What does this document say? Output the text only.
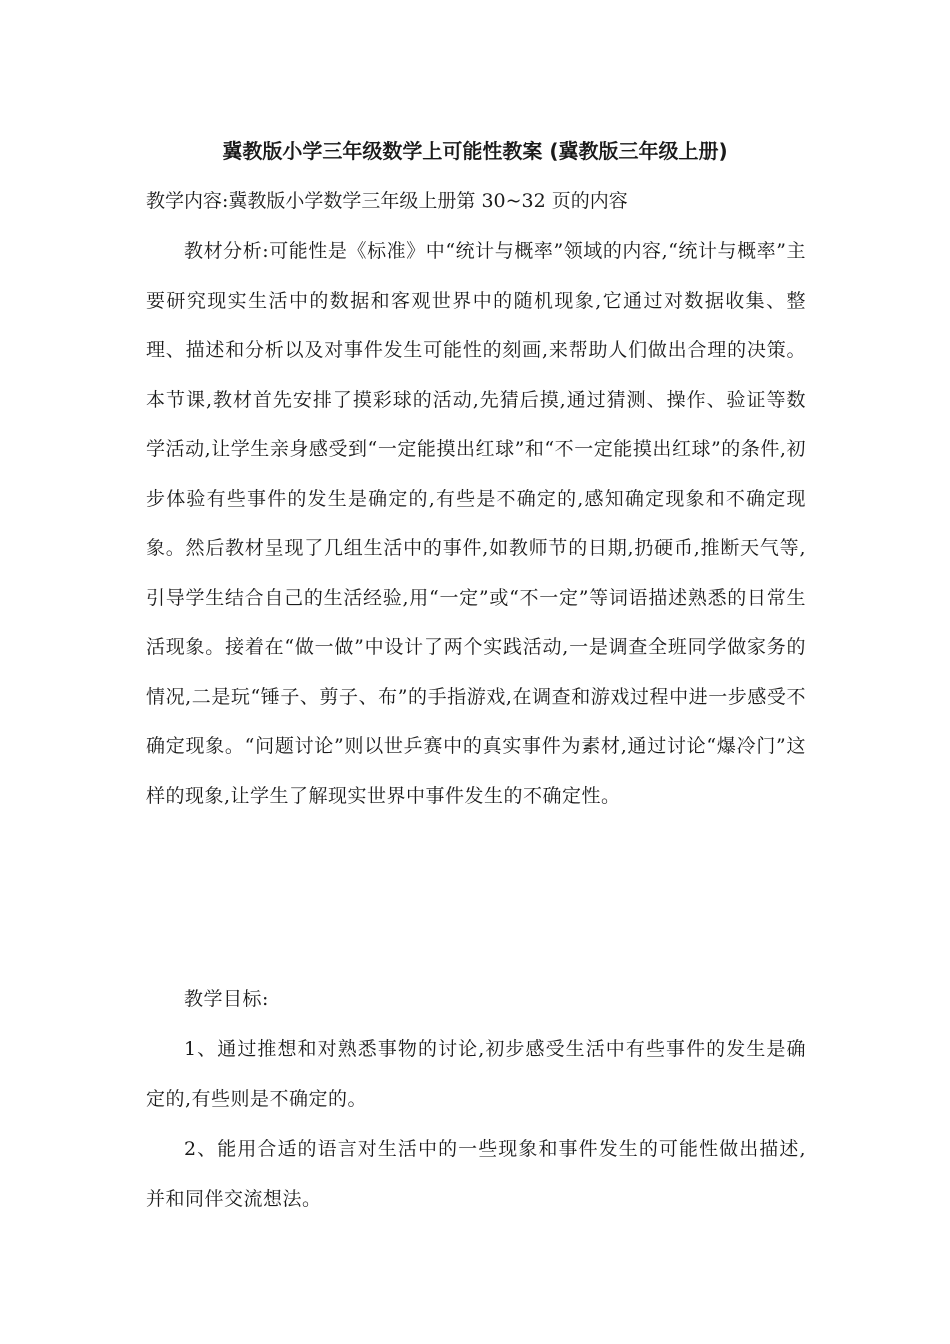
冀教版小学三年级数学上可能性教案 (冀教版三年级上册)

教学内容:冀教版小学数学三年级上册第 30~32 页的内容

教材分析:可能性是《标准》中“统计与概率”领域的内容,“统计与概率”主要研究现实生活中的数据和客观世界中的随机现象,它通过对数据收集、整理、描述和分析以及对事件发生可能性的刻画,来帮助人们做出合理的决策。本节课,教材首先安排了摸彩球的活动,先猜后摸,通过猜测、操作、验证等数学活动,让学生亲身感受到“一定能摸出红球”和“不一定能摸出红球”的条件,初步体验有些事件的发生是确定的,有些是不确定的,感知确定现象和不确定现象。然后教材呈现了几组生活中的事件,如教师节的日期,扔硬币,推断天气等,引导学生结合自己的生活经验,用“一定”或“不一定”等词语描述熟悉的日常生活现象。接着在“做一做”中设计了两个实践活动,一是调查全班同学做家务的情况,二是玩“锤子、剪子、布”的手指游戏,在调查和游戏过程中进一步感受不确定现象。“问题讨论”则以世乒赛中的真实事件为素材,通过讨论“爆冷门”这样的现象,让学生了解现实世界中事件发生的不确定性。

教学目标:

1、通过推想和对熟悉事物的讨论,初步感受生活中有些事件的发生是确定的,有些则是不确定的。

2、能用合适的语言对生活中的一些现象和事件发生的可能性做出描述,并和同伴交流想法。
